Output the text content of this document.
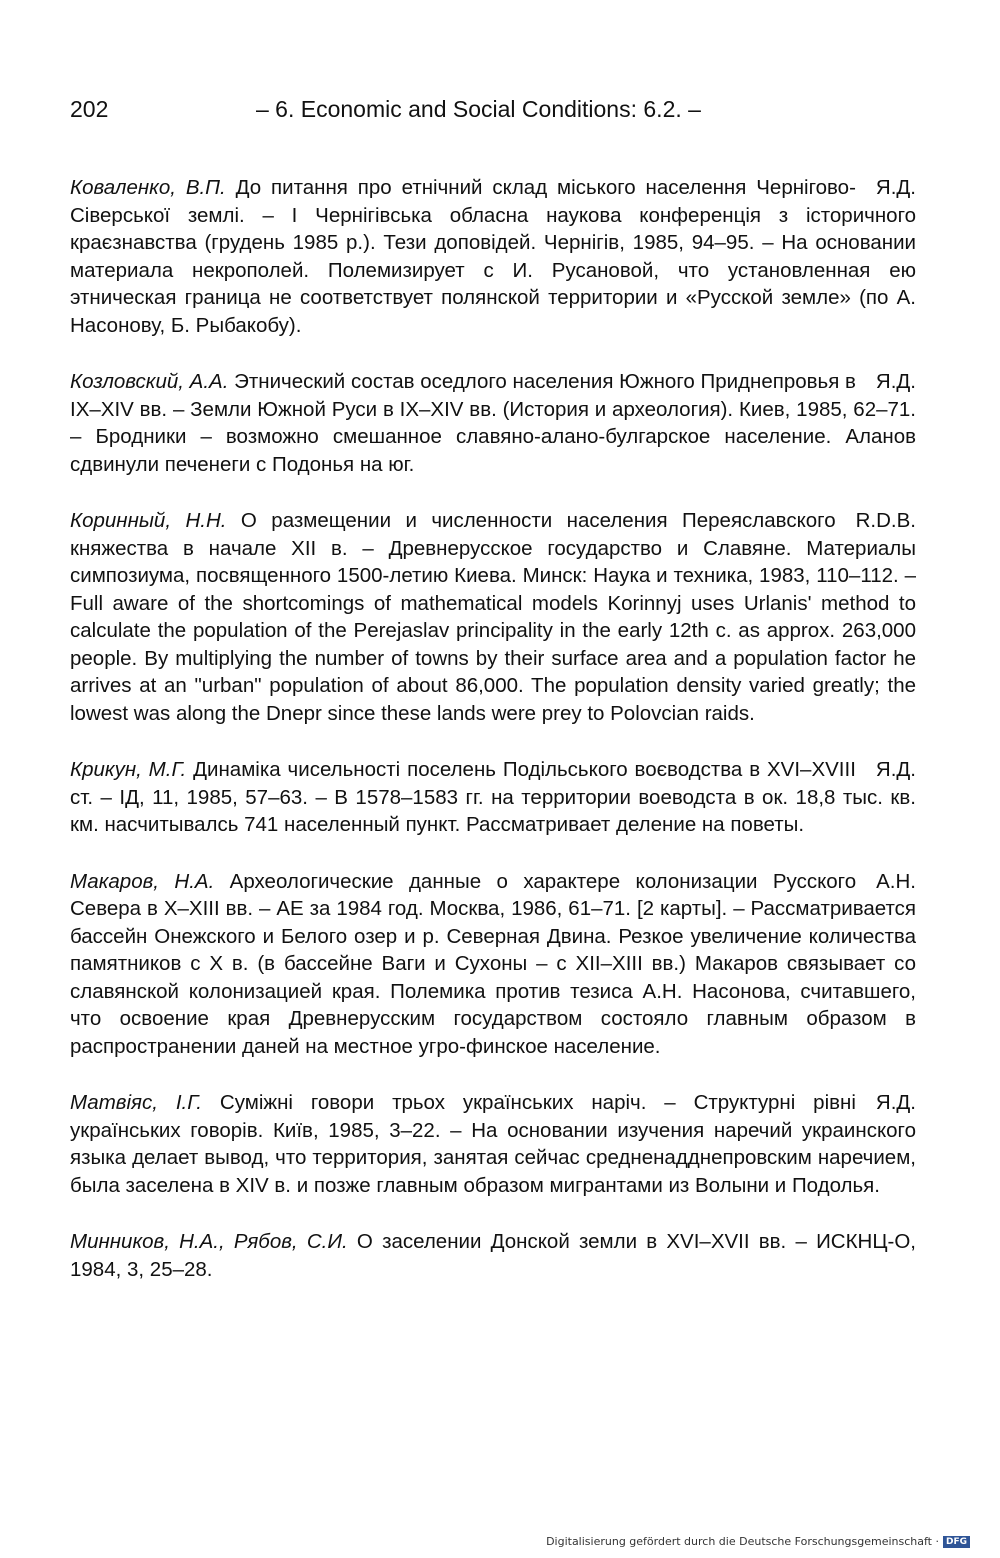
202	– 6. Economic and Social Conditions: 6.2. –
Я.Д.
Коваленко, В.П. До питання про етнічний склад міського населення Чернігово-Сіверської землі. – I Чернігівська обласна наукова конференція з історичного краєзнавства (грудень 1985 р.). Тези доповідей. Чернігів, 1985, 94–95. – На основании материала некрополей. Полемизирует с И. Русановой, что установленная ею этническая граница не соответствует полянской территории и «Русской земле» (по А. Насонову, Б. Рыбакобу).
Я.Д.
Козловский, А.А. Этнический состав оседлого населения Южного Приднепровья в IX–XIV вв. – Земли Южной Руси в IX–XIV вв. (История и археология). Киев, 1985, 62–71. – Бродники – возможно смешанное славяно-алано-булгарское население. Аланов сдвинули печенеги с Подонья на юг.
R.D.B.
Коринный, Н.Н. О размещении и численности населения Переяславского княжества в начале XII в. – Древнерусское государство и Славяне. Материалы симпозиума, посвященного 1500-летию Киева. Минск: Наука и техника, 1983, 110–112. – Full aware of the shortcomings of mathematical models Korinnyj uses Urlanis' method to calculate the population of the Perejaslav principality in the early 12th c. as approx. 263,000 people. By multiplying the number of towns by their surface area and a population factor he arrives at an "urban" population of about 86,000. The population density varied greatly; the lowest was along the Dnepr since these lands were prey to Polovcian raids.
Я.Д.
Крикун, М.Г. Динаміка чисельності поселень Подільського воєводства в XVI–XVIII ст. – ІД, 11, 1985, 57–63. – В 1578–1583 гг. на территории воеводста в ок. 18,8 тыс. кв. км. насчитывалсь 741 населенный пункт. Рассматривает деление на поветы.
А.Н.
Макаров, Н.А. Археологические данные о характере колонизации Русского Севера в X–XIII вв. – АЕ за 1984 год. Москва, 1986, 61–71. [2 карты]. – Рассматривается бассейн Онежского и Белого озер и р. Северная Двина. Резкое увеличение количества памятников с X в. (в бассейне Ваги и Сухоны – с XII–XIII вв.) Макаров связывает со славянской колонизацией края. Полемика против тезиса А.Н. Насонова, считавшего, что освоение края Древнерусским государством состояло главным образом в распространении даней на местное угро-финское население.
Я.Д.
Матвіяс, І.Г. Суміжні говори трьох українських наріч. – Структурні рівні українських говорів. Київ, 1985, 3–22. – На основании изучения наречий украинского языка делает вывод, что территория, занятая сейчас средненадднепровским наречием, была заселена в XIV в. и позже главным образом мигрантами из Волыни и Подолья.
Минников, Н.А., Рябов, С.И. О заселении Донской земли в XVI–XVII вв. – ИСКНЦ-О, 1984, 3, 25–28.
Digitalisierung gefördert durch die Deutsche Forschungsgemeinschaft · DFG
